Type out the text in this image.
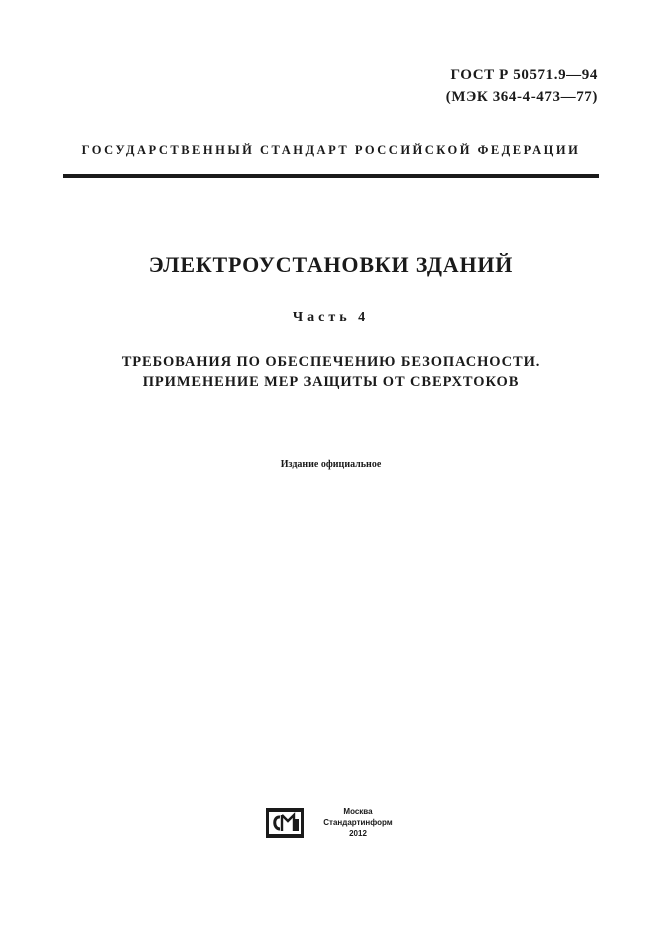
ГОСТ Р 50571.9—94
(МЭК 364-4-473—77)
ГОСУДАРСТВЕННЫЙ СТАНДАРТ РОССИЙСКОЙ ФЕДЕРАЦИИ
ЭЛЕКТРОУСТАНОВКИ ЗДАНИЙ
Часть 4
ТРЕБОВАНИЯ ПО ОБЕСПЕЧЕНИЮ БЕЗОПАСНОСТИ.
ПРИМЕНЕНИЕ МЕР ЗАЩИТЫ ОТ СВЕРХТОКОВ
Издание официальное
Москва
Стандартинформ
2012
